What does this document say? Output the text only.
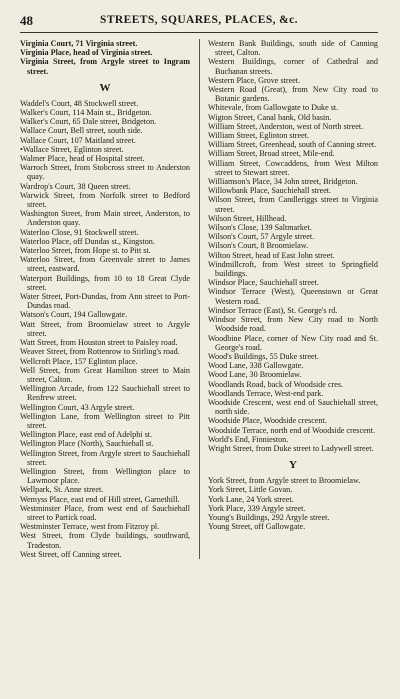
48	STREETS, SQUARES, PLACES, &c.
Virginia Court, 71 Virginia street.
Virginia Place, head of Virginia street.
Virginia Street, from Argyle street to Ingram street.
W
Waddel's Court, 48 Stockwell street.
Walker's Court, 114 Main st., Bridgeton.
Walker's Court, 65 Dale street, Bridgeton.
Wallace Court, Bell street, south side.
Wallace Court, 107 Maitland street.
•Wallace Street, Eglinton street.
Walmer Place, head of Hospital street.
Warroch Street, from Stobcross street to Anderston quay.
Wardrop's Court, 38 Queen street.
Warwick Street, from Norfolk street to Bedford street.
Washington Street, from Main street, Anderston, to Anderston quay.
Waterloo Close, 91 Stockwell street.
Waterloo Place, off Dundas st., Kingston.
Waterloo Street, from Hope st. to Pitt st.
Waterloo Street, from Greenvale street to James street, eastward.
Waterport Buildings, from 10 to 18 Great Clyde street.
Water Street, Port-Dundas, from Ann street to Port-Dundas road.
Watson's Court, 194 Gallowgate.
Watt Street, from Broomielaw street to Argyle street.
Watt Street, from Houston street to Paisley road.
Weaver Street, from Rottenrow to Stirling's road.
Wellcroft Place, 157 Eglinton place.
Well Street, from Great Hamilton street to Main street, Calton.
Wellington Arcade, from 122 Sauchiehall street to Renfrew street.
Wellington Court, 43 Argyle street.
Wellington Lane, from Wellington street to Pitt street.
Wellington Place, east end of Adelphi st.
Wellington Place (North), Sauchiehall st.
Wellington Street, from Argyle street to Sauchiehall street.
Wellington Street, from Wellington place to Lawmoor place.
Wellpark, St. Anne street.
Wemyss Place, east end of Hill street, Garnethill.
Westminster Place, from west end of Sauchiehall street to Partick road.
Westminster Terrace, west from Fitzroy pl.
West Street, from Clyde buildings, southward, Tradeston.
West Street, off Canning street.
Western Bank Buildings, south side of Canning street, Calton.
Western Buildings, corner of Cathedral and Buchanan streets.
Western Place, Grove street.
Western Road (Great), from New City road to Botanic gardens.
Whitevale, from Gallowgate to Duke st.
Wigton Street, Canal bank, Old basin.
William Street, Anderston, west of North street.
William Street, Eglinton street.
William Street, Greenhead, south of Canning street.
William Street, Broad street, Mile-end.
William Street, Cowcaddens, from West Milton street to Stewart street.
Williamson's Place, 34 John street, Bridgeton.
Willowbank Place, Sauchiehall street.
Wilson Street, from Candleriggs street to Virginia street.
Wilson Street, Hillhead.
Wilson's Close, 139 Saltmarket.
Wilson's Court, 57 Argyle street.
Wilson's Court, 8 Broomielaw.
Wilton Street, head of East John street.
Windmillcroft, from West street to Springfield buildings.
Windsor Place, Sauchiehall street.
Windsor Terrace (West), Queenstown or Great Western road.
Windsor Terrace (East), St. George's rd.
Windsor Street, from New City road to North Woodside road.
Woodbine Place, corner of New City road and St. George's road.
Wood's Buildings, 55 Duke street.
Wood Lane, 338 Gallowgate.
Wood Lane, 30 Broomielaw.
Woodlands Road, back of Woodside cres.
Woodlands Terrace, West-end park.
Woodside Crescent, west end of Sauchiehall street, north side.
Woodside Place, Woodside crescent.
Woodside Terrace, north end of Woodside crescent.
World's End, Finnieston.
Wright Street, from Duke street to Ladywell street.
Y
York Street, from Argyle street to Broomielaw.
York Street, Little Govan.
York Lane, 24 York street.
York Place, 339 Argyle street.
Young's Buildings, 292 Argyle street.
Young Street, off Gallowgate.
